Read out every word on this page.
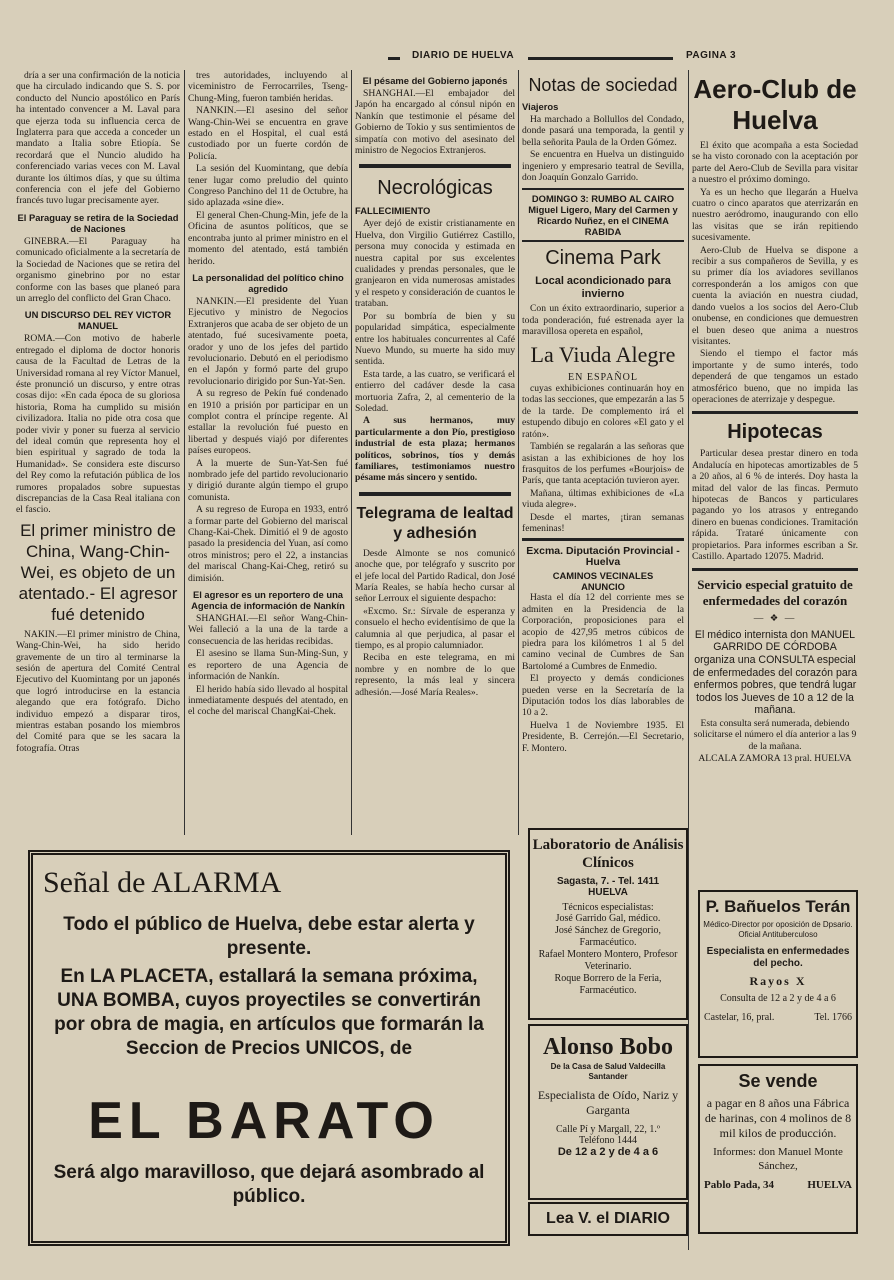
DIARIO DE HUELVA	PAGINA 3

dría a ser una confirmación de la noticia que ha circulado indicando que S. S. por conducto del Nuncio apostólico en París ha intentado convencer a M. Laval para que ejerza toda su influencia cerca de Inglaterra para que acceda a conceder un mandato a Italia sobre Etiopía. Se recordará que el Nuncio aludido ha conferenciado varias veces con M. Laval durante los últimos días, y que su última conferencia con el jefe del Gobierno francés tuvo lugar precisamente ayer.

El Paraguay se retira de la Sociedad de Naciones

GINEBRA.—El Paraguay ha comunicado oficialmente a la secretaría de la Sociedad de Naciones que se retira del organismo ginebrino por no estar conforme con las bases que planeó para un arreglo del conflicto del Gran Chaco.

UN DISCURSO DEL REY VICTOR MANUEL

ROMA.—Con motivo de haberle entregado el diploma de doctor honoris causa de la Facultad de Letras de la Universidad romana al rey Víctor Manuel, éste pronunció un discurso, y entre otras cosas dijo: «En cada época de su gloriosa historia, Roma ha cumplido su misión civilizadora. Italia no pide otra cosa que poder vivir y poner su fuerza al servicio del ideal común que representa hoy el bien espiritual y sagrado de toda la Humanidad». Se considera este discurso del Rey como la refutación pública de los rumores propalados sobre supuestas discrepancias de la Casa Real italiana con el fascio.

El primer ministro de China, Wang-Chin-Wei, es objeto de un atentado.- El agresor fué detenido

NAKIN.—El primer ministro de China, Wang-Chin-Wei, ha sido herido gravemente de un tiro al terminarse la sesión de apertura del Comité Central Ejecutivo del Kuomintang por un japonés que logró introducirse en la estancia alegando que era fotógrafo. Dicho individuo empezó a disparar tiros, mientras estaban posando los miembros del Comité para que se les sacara la fotografía. Otras

tres autoridades, incluyendo al viceministro de Ferrocarriles, Tseng-Chung-Ming, fueron también heridas.

NANKIN.—El asesino del señor Wang-Chin-Wei se encuentra en grave estado en el Hospital, el cual está custodiado por un fuerte cordón de Policía.

La sesión del Kuomintang, que debía tener lugar como preludio del quinto Congreso Panchino del 11 de Octubre, ha sido aplazada «sine die».

El general Chen-Chung-Min, jefe de la Oficina de asuntos políticos, que se encontraba junto al primer ministro en el momento del atentado, está también herido.

La personalidad del político chino agredido

NANKIN.—El presidente del Yuan Ejecutivo y ministro de Negocios Extranjeros que acaba de ser objeto de un atentado, fué sucesivamente poeta, orador y uno de los jefes del partido revolucionario. Debutó en el periodismo en el Japón y formó parte del grupo revolucionario dirigido por Sun-Yat-Sen.

A su regreso de Pekín fué condenado en 1910 a prisión por participar en un complot contra el príncipe regente. Al estallar la revolución fué puesto en libertad y después viajó por diferentes países europeos.

A la muerte de Sun-Yat-Sen fué nombrado jefe del partido revolucionario y dirigió durante algún tiempo el grupo comunista.

A su regreso de Europa en 1933, entró a formar parte del Gobierno del mariscal Chang-Kai-Chek. Dimitió el 9 de agosto pasado la presidencia del Yuan, así como otros ministros; pero el 22, a instancias del mariscal Chang-Kai-Cheg, retiró su dimisión.

El agresor es un reportero de una Agencia de información de Nankín

SHANGHAI.—El señor Wang-Chin-Wei falleció a la una de la tarde a consecuencia de las heridas recibidas.

El asesino se llama Sun-Ming-Sun, y es reportero de una Agencia de información de Nankín.

El herido había sido llevado al hospital inmediatamente después del atentado, en el coche del mariscal ChangKai-Chek.

El pésame del Gobierno japonés

SHANGHAI.—El embajador del Japón ha encargado al cónsul nipón en Nankín que testimonie el pésame del Gobierno de Tokio y sus sentimientos de simpatía con motivo del asesinato del ministro de Negocios Extranjeros.

Necrológicas
FALLECIMIENTO

Ayer dejó de existir cristianamente en Huelva, don Virgilio Gutiérrez Castillo, persona muy conocida y estimada en nuestra capital por sus excelentes cualidades y prendas personales, que le granjearon en vida numerosas amistades y el respeto y consideración de cuantos le trataban.

Por su bombría de bien y su popularidad simpática, especialmente entre los habituales concurrentes al Café Nuevo Mundo, su muerte ha sido muy sentida.

Esta tarde, a las cuatro, se verificará el entierro del cadáver desde la casa mortuoria Zafra, 2, al cementerio de la Soledad.

A sus hermanos, muy particularmente a don Pío, prestigioso industrial de esta plaza; hermanos políticos, sobrinos, tíos y demás familiares, testimoniamos nuestro pésame más sincero y sentido.

Telegrama de lealtad y adhesión

Desde Almonte se nos comunicó anoche que, por telégrafo y suscrito por el jefe local del Partido Radical, don José María Reales, se había hecho cursar al señor Lerroux el siguiente despacho:

«Excmo. Sr.: Sírvale de esperanza y consuelo el hecho evidentísimo de que la calumnia al que perjudica, al pasar el tiempo, es al propio calumniador.

Reciba en este telegrama, en mi nombre y en nombre de lo que represento, la más leal y sincera adhesión.—José María Reales».

Notas de sociedad
Viajeros

Ha marchado a Bollullos del Condado, donde pasará una temporada, la gentil y bella señorita Paula de la Orden Gómez.

Se encuentra en Huelva un distinguido ingeniero y empresario teatral de Sevilla, don Joaquín Gonzalo Garrido.

DOMINGO 3: RUMBO AL CAIRO Miguel Ligero, Mary del Carmen y Ricardo Nuñez, en el CINEMA RABIDA
Cinema Park
Local acondicionado para invierno

Con un éxito extraordinario, superior a toda ponderación, fué estrenada ayer la maravillosa opereta en español,

La Viuda Alegre
EN ESPAÑOL

cuyas exhibiciones continuarán hoy en todas las secciones, que empezarán a las 5 de la tarde. De complemento irá el estupendo dibujo en colores «El gato y el ratón».

También se regalarán a las señoras que asistan a las exhibiciones de hoy los frasquitos de los perfumes «Bourjois» de París, que tanta aceptación tuvieron ayer.

Mañana, últimas exhibiciones de «La viuda alegre».

Desde el martes, ¡tiran semanas femeninas!

Excma. Diputación Provincial -Huelva
CAMINOS VECINALES
ANUNCIO

Hasta el día 12 del corriente mes se admiten en la Presidencia de la Corporación, proposiciones para el acopio de 427,95 metros cúbicos de piedra para los kilómetros 1 al 5 del camino vecinal de Cumbres de San Bartolomé a Cumbres de Enmedio.

El proyecto y demás condiciones pueden verse en la Secretaría de la Diputación todos los días laborables de 10 a 2.

Huelva 1 de Noviembre 1935. El Presidente, B. Cerrejón.—El Secretario, F. Montero.

Aero-Club de Huelva

El éxito que acompaña a esta Sociedad se ha visto coronado con la aceptación por parte del Aero-Club de Sevilla para visitar a nuestro el próximo domingo.

Ya es un hecho que llegarán a Huelva cuatro o cinco aparatos que aterrizarán en nuestro aeródromo, inaugurando con ello las visitas que se irán repitiendo sucesivamente.

Aero-Club de Huelva se dispone a recibir a sus compañeros de Sevilla, y es su primer día los aviadores sevillanos corresponderán a los amigos con que cuenta la aviación en nuestra ciudad, dando vuelos a los socios del Aero-Club onubense, en condiciones que demuestren el buen deseo que anima a nuestros visitantes.

Siendo el tiempo el factor más importante y de sumo interés, todo dependerá de que tengamos un estado atmosférico bueno, que no impida las operaciones de aterrizaje y despegue.

Hipotecas

Particular desea prestar dinero en toda Andalucía en hipotecas amortizables de 5 a 20 años, al 6 % de interés. Doy hasta la mitad del valor de las fincas. Permuto hipotecas de Bancos y particulares pagando yo los atrasos y entregando dinero en buenas condiciones. Tramitación rápida. Trataré únicamente con propietarios. Para informes escriban a Sr. Castillo. Apartado 12075. Madrid.

Servicio especial gratuito de enfermedades del corazón
— ❖ —

El médico internista don MANUEL GARRIDO DE CÓRDOBA organiza una CONSULTA especial de enfermedades del corazón para enfermos pobres, que tendrá lugar todos los Jueves de 10 a 12 de la mañana.

Esta consulta será numerada, debiendo solicitarse el número el día anterior a las 9 de la mañana.

ALCALA ZAMORA 13 pral. HUELVA

Señal de ALARMA
Todo el público de Huelva, debe estar alerta y presente.
En LA PLACETA, estallará la semana próxima, UNA BOMBA, cuyos proyectiles se convertirán por obra de magia, en artículos que formarán la Seccion de Precios UNICOS, de
EL BARATO
Será algo maravilloso, que dejará asombrado al público.
Laboratorio de Análisis Clínicos
Sagasta, 7. - Tel. 1411
HUELVA
Técnicos especialistas:
José Garrido Gal, médico.
José Sánchez de Gregorio, Farmacéutico.
Rafael Montero Montero, Profesor Veterinario.
Roque Borrero de la Feria, Farmacéutico.
Alonso Bobo
De la Casa de Salud Valdecilla Santander
Especialista de Oído, Nariz y Garganta
Calle Pí y Margall, 22, 1.º
Teléfono 1444
De 12 a 2 y de 4 a 6
Lea V. el DIARIO
P. Bañuelos Terán
Médico-Director por oposición de Dpsario. Oficial Antituberculoso
Especialista en enfermedades del pecho.
Rayos X
Consulta de 12 a 2 y de 4 a 6
Castelar, 16, pral.	Tel. 1766
Se vende
a pagar en 8 años una Fábrica de harinas, con 4 molinos de 8 mil kilos de producción.
Informes: don Manuel Monte Sánchez,
Pablo Pada, 34	HUELVA
